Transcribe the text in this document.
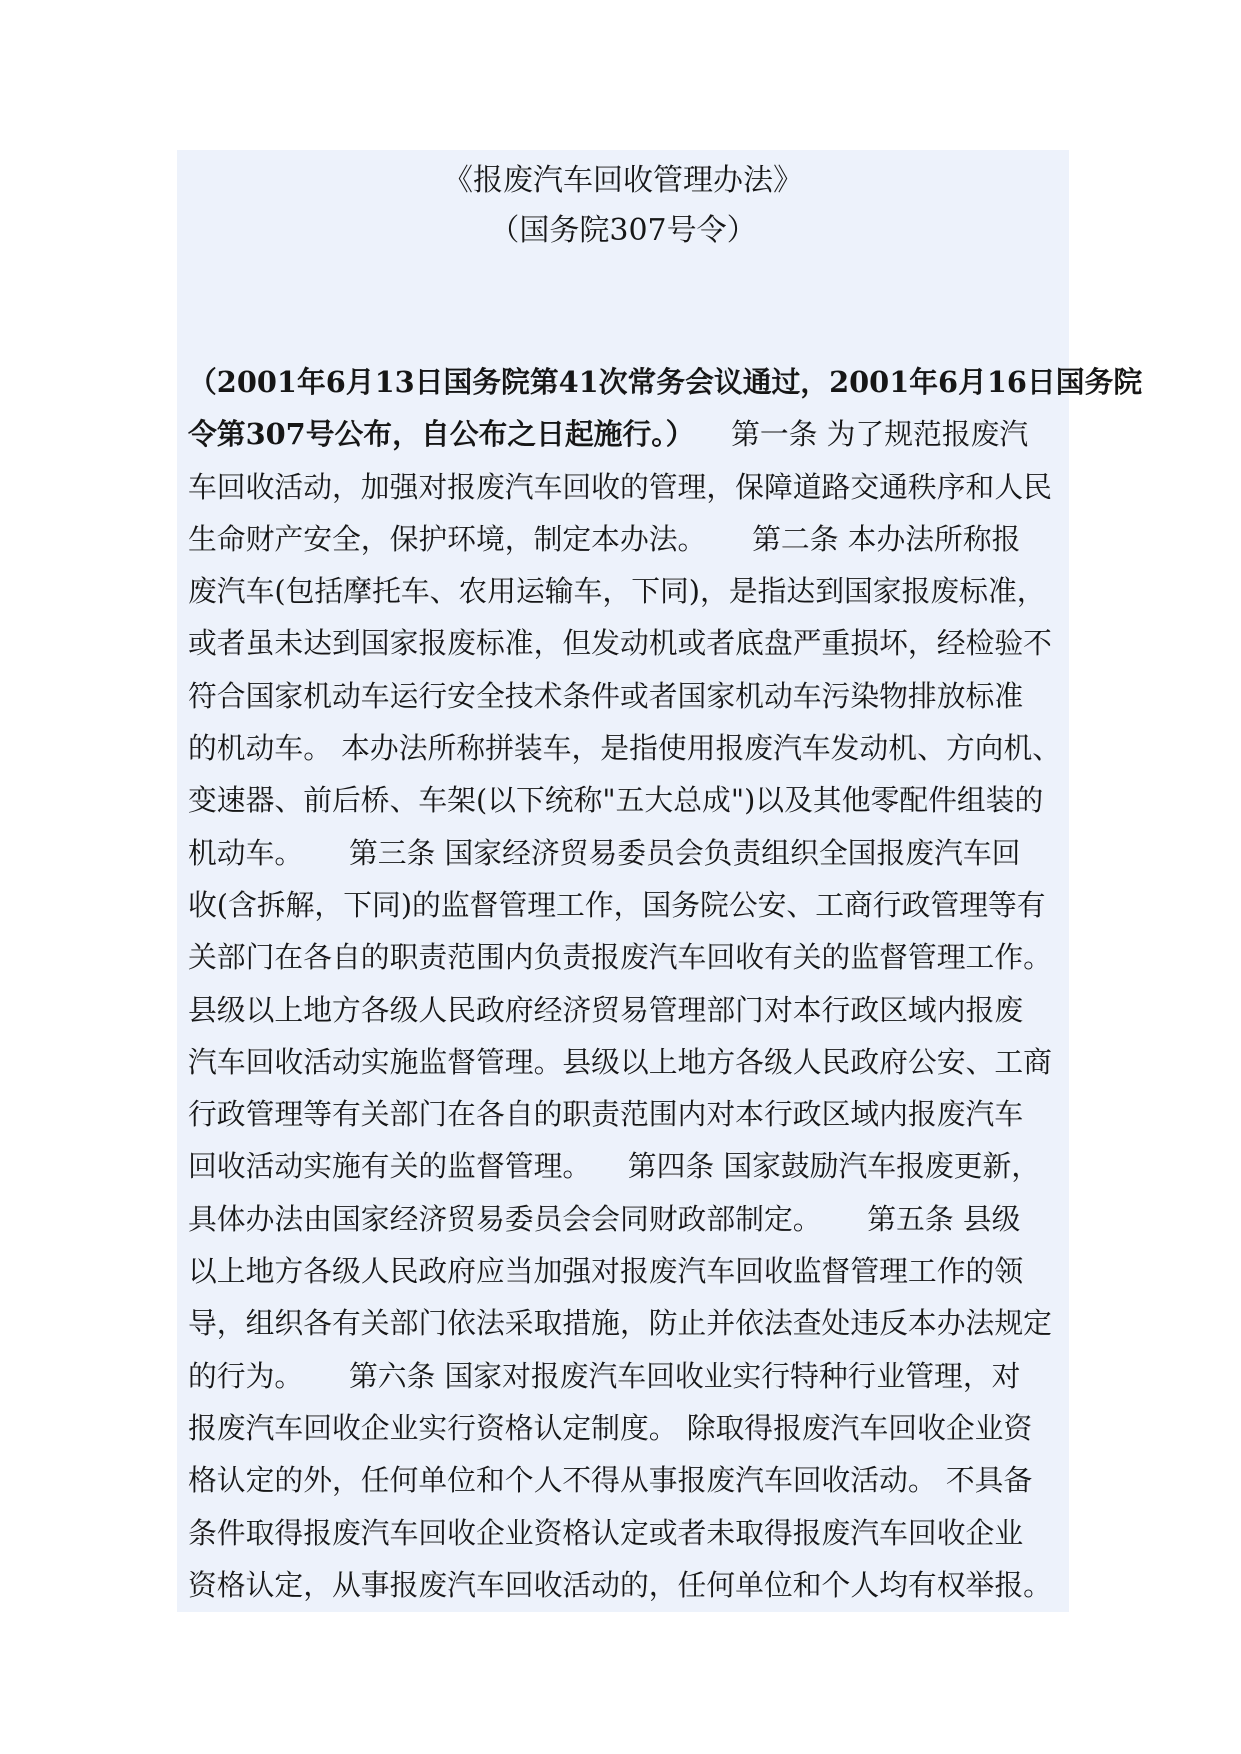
《报废汽车回收管理办法》
（国务院307号令）
（2001年6月13日国务院第41次常务会议通过，2001年6月16日国务院
令第307号公布，自公布之日起施行。）    第一条 为了规范报废汽
车回收活动，加强对报废汽车回收的管理，保障道路交通秩序和人民
生命财产安全，保护环境，制定本办法。     第二条 本办法所称报
废汽车(包括摩托车、农用运输车，下同)，是指达到国家报废标准，
或者虽未达到国家报废标准，但发动机或者底盘严重损坏，经检验不
符合国家机动车运行安全技术条件或者国家机动车污染物排放标准
的机动车。 本办法所称拼装车，是指使用报废汽车发动机、方向机、
变速器、前后桥、车架(以下统称"五大总成")以及其他零配件组装的
机动车。     第三条 国家经济贸易委员会负责组织全国报废汽车回
收(含拆解，下同)的监督管理工作，国务院公安、工商行政管理等有
关部门在各自的职责范围内负责报废汽车回收有关的监督管理工作。
县级以上地方各级人民政府经济贸易管理部门对本行政区域内报废
汽车回收活动实施监督管理。县级以上地方各级人民政府公安、工商
行政管理等有关部门在各自的职责范围内对本行政区域内报废汽车
回收活动实施有关的监督管理。    第四条 国家鼓励汽车报废更新，
具体办法由国家经济贸易委员会会同财政部制定。     第五条 县级
以上地方各级人民政府应当加强对报废汽车回收监督管理工作的领
导，组织各有关部门依法采取措施，防止并依法查处违反本办法规定
的行为。     第六条 国家对报废汽车回收业实行特种行业管理，对
报废汽车回收企业实行资格认定制度。 除取得报废汽车回收企业资
格认定的外，任何单位和个人不得从事报废汽车回收活动。 不具备
条件取得报废汽车回收企业资格认定或者未取得报废汽车回收企业
资格认定，从事报废汽车回收活动的，任何单位和个人均有权举报。
